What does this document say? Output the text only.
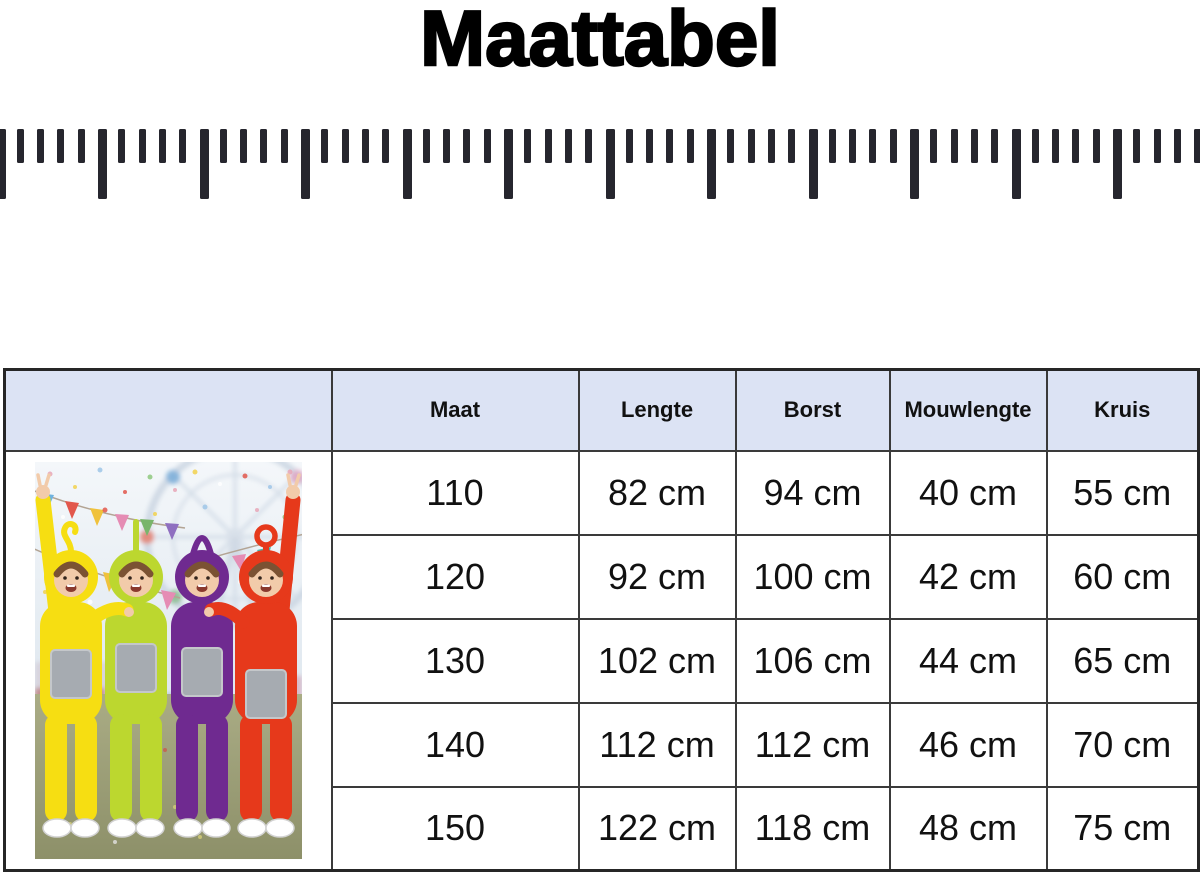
Maattabel
	Maat	Lengte	Borst	Mouwlengte	Kruis

	110	82 cm	94 cm	40 cm	55 cm
	120	92 cm	100 cm	42 cm	60 cm
	130	102 cm	106 cm	44 cm	65 cm
	140	112 cm	112 cm	46 cm	70 cm
	150	122 cm	118 cm	48 cm	75 cm
